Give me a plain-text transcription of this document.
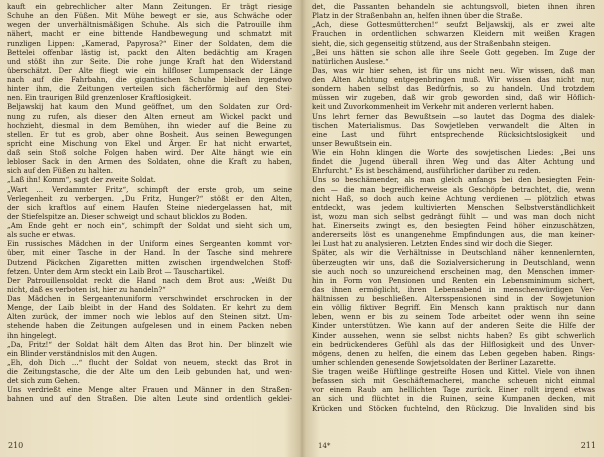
kauft ein gebrechlicher alter Mann Zeitungen. Er trägt riesige
Schuhe an den Füßen. Mit Mühe bewegt er sie, aus Schwäche oder
wegen der unverhältnismäßigen Schuhe. Als sich die Patrouille ihm
nähert, macht er eine bittende Handbewegung und schmatzt mit
runzligen Lippen: „Kamerad, Papyrosa?“ Einer der Soldaten, dem die
Bettelei offenbar lästig ist, packt den Alten bedächtig am Kragen
und stößt ihn zur Seite. Die rohe junge Kraft hat den Widerstand
überschätzt. Der Alte fliegt wie ein hilfloser Lumpensack der Länge
nach auf die Fahrbahn, die gigantischen Schuhe bleiben irgendwo
hinter ihm, die Zeitungen verteilen sich fächerförmig auf den Stei-
nen. Ein traurigen Bild grenzenloser Kraftlosigkeit.
Beljawskij hat kaum den Mund geöffnet, um den Soldaten zur Ord-
nung zu rufen, als dieser den Alten erneut am Wickel packt und
hochzieht, diesmal in dem Bemühen, ihn wieder auf die Beine zu
stellen. Er tut es grob, aber ohne Bosheit. Aus seinen Bewegungen
spricht eine Mischung von Ekel und Ärger. Er hat nicht erwartet,
daß sein Stoß solche Folgen haben wird. Der Alte hängt wie ein
lebloser Sack in den Armen des Soldaten, ohne die Kraft zu haben,
sich auf den Füßen zu halten.
„Laß ihn! Komm“, sagt der zweite Soldat.
„Wart ... Verdammter Fritz“, schimpft der erste grob, um seine
Verlegenheit zu verbergen. „Du Fritz, Hunger?“ stößt er den Alten,
der sich kraftlos auf einem Haufen Steine niedergelassen hat, mit
der Stiefelspitze an. Dieser schweigt und schaut blicklos zu Boden.
„Am Ende geht er noch ein“, schimpft der Soldat und sieht sich um,
als suche er etwas.
Ein russisches Mädchen in der Uniform eines Sergeanten kommt vor-
über, mit einer Tasche in der Hand. In der Tasche sind mehrere
Dutzend Päckchen Zigaretten mitten zwischen irgendwelchen Stoff-
fetzen. Unter dem Arm steckt ein Laib Brot — Tauschartikel.
Der Patrouillensoldat reckt die Hand nach dem Brot aus: „Weißt Du
nicht, daß es verboten ist, hier zu handeln?“
Das Mädchen in Sergeantenuniform verschwindet erschrocken in der
Menge, der Laib bleibt in der Hand des Soldaten. Er kehrt zu dem
Alten zurück, der immer noch wie leblos auf den Steinen sitzt. Um-
stehende haben die Zeitungen aufgelesen und in einem Packen neben
ihn hingelegt.
„Da, Fritz!“ der Soldat hält dem Alten das Brot hin. Der blinzelt wie
ein Blinder verständnislos mit den Augen.
„Eh, doh Dich ...“ flucht der Soldat von neuem, steckt das Brot in
die Zeitungstasche, die der Alte um den Leib gebunden hat, und wen-
det sich zum Gehen.
Uns verdrießt eine Menge alter Frauen und Männer in den Straßen-
bahnen und auf den Straßen. Die alten Leute sind ordentlich geklei-
210
det, die Passanten behandeln sie achtungsvoll, bieten ihnen ihren
Platz in der Straßenbahn an, helfen ihnen über die Straße.
„Ach, diese Gottesmütterchen!“ seufzt Beljawskij, als er zwei alte
Frauchen in ordentlichen schwarzen Kleidern mit weißen Kragen
sieht, die, sich gegenseitig stützend, aus der Straßenbahn steigen.
„Bei uns hätten sie schon alle ihre Seele Gott gegeben. Im Zuge der
natürlichen Auslese.“
Das, was wir hier sehen, ist für uns nicht neu. Wir wissen, daß man
den Alten Achtung entgegenbringen muß. Wir wissen das nicht nur,
sondern haben selbst das Bedürfnis, so zu handeln. Und trotzdem
müssen wir zugeben, daß wir grob geworden sind, daß wir Höflich-
keit und Zuvorkommenheit im Verkehr mit anderen verlernt haben.
Uns lehrt ferner das Bewußtsein —so lautet das Dogma des dialek-
tischen Materialismus. Das Sowjetleben verwandelt die Alten in
eine Last und führt entsprechende Rücksichtslosigkeit und
unser Bewußtsein ein.
Wie ein Hohn klingen die Worte des sowjetischen Liedes: „Bei uns
findet die Jugend überall ihren Weg und das Alter Achtung und
Ehrfurcht.“ Es ist beschämend, ausführlicher darüber zu reden.
Uns so beschämender, als man gleich anfangs bei den besiegten Fein-
den — die man begreiflicherweise als Geschöpfe betrachtet, die, wenn
nicht Haß, so doch auch keine Achtung verdienen — plötzlich etwas
entdeckt, was jedem kultivierten Menschen Selbstverständlichkeit
ist, wozu man sich selbst gedrängt fühlt — und was man doch nicht
hat. Einerseits zwingt es, den besiegten Feind höher einzuschätzen,
andererseits löst es unangenehme Empfindungen aus, die man keiner-
lei Lust hat zu analysieren. Letzten Endes sind wir doch die Sieger.
Später, als wir die Verhältnisse in Deutschland näher kennenlernten,
überzeugten wir uns, daß die Sozialversicherung in Deutschland, wenn
sie auch noch so unzureichend erscheinen mag, den Menschen immer-
hin in Form von Pensionen und Renten ein Lebensminimum sichert,
das ihnen ermöglicht, ihren Lebensabend in menschenwürdigen Ver-
hältnissen zu beschließen. Altersspensionen sind in der Sowjetunion
ein völlig fiktiver Begriff. Ein Mensch kann praktisch nur dann
leben, wenn er bis zu seinem Tode arbeitet oder wenn ihn seine
Kinder unterstützen. Wie kann auf der anderen Seite die Hilfe der
Kinder aussehen, wenn sie selbst nichts haben? Es gibt schwerlich
ein bedrückenderes Gefühl als das der Hilflosigkeit und des Unver-
mögens, denen zu helfen, die einem das Leben gegeben haben. Rings-
umher schlenden genesende Sowjetsoldaten der Berliner Lazarette.
Sie tragen weiße Hüftlinge gestreifte Hosen und Kittel. Viele von ihnen
befassen sich mit Geschäftemacherei, manche scheuen nicht einmal
vor einem Raub am helllichten Tage zurück. Einer rollt irgend etwas
an sich und flüchtet in die Ruinen, seine Kumpanen decken, mit
Krücken und Stöcken fuchtelnd, den Rückzug. Die Invaliden sind bis
14*	211
